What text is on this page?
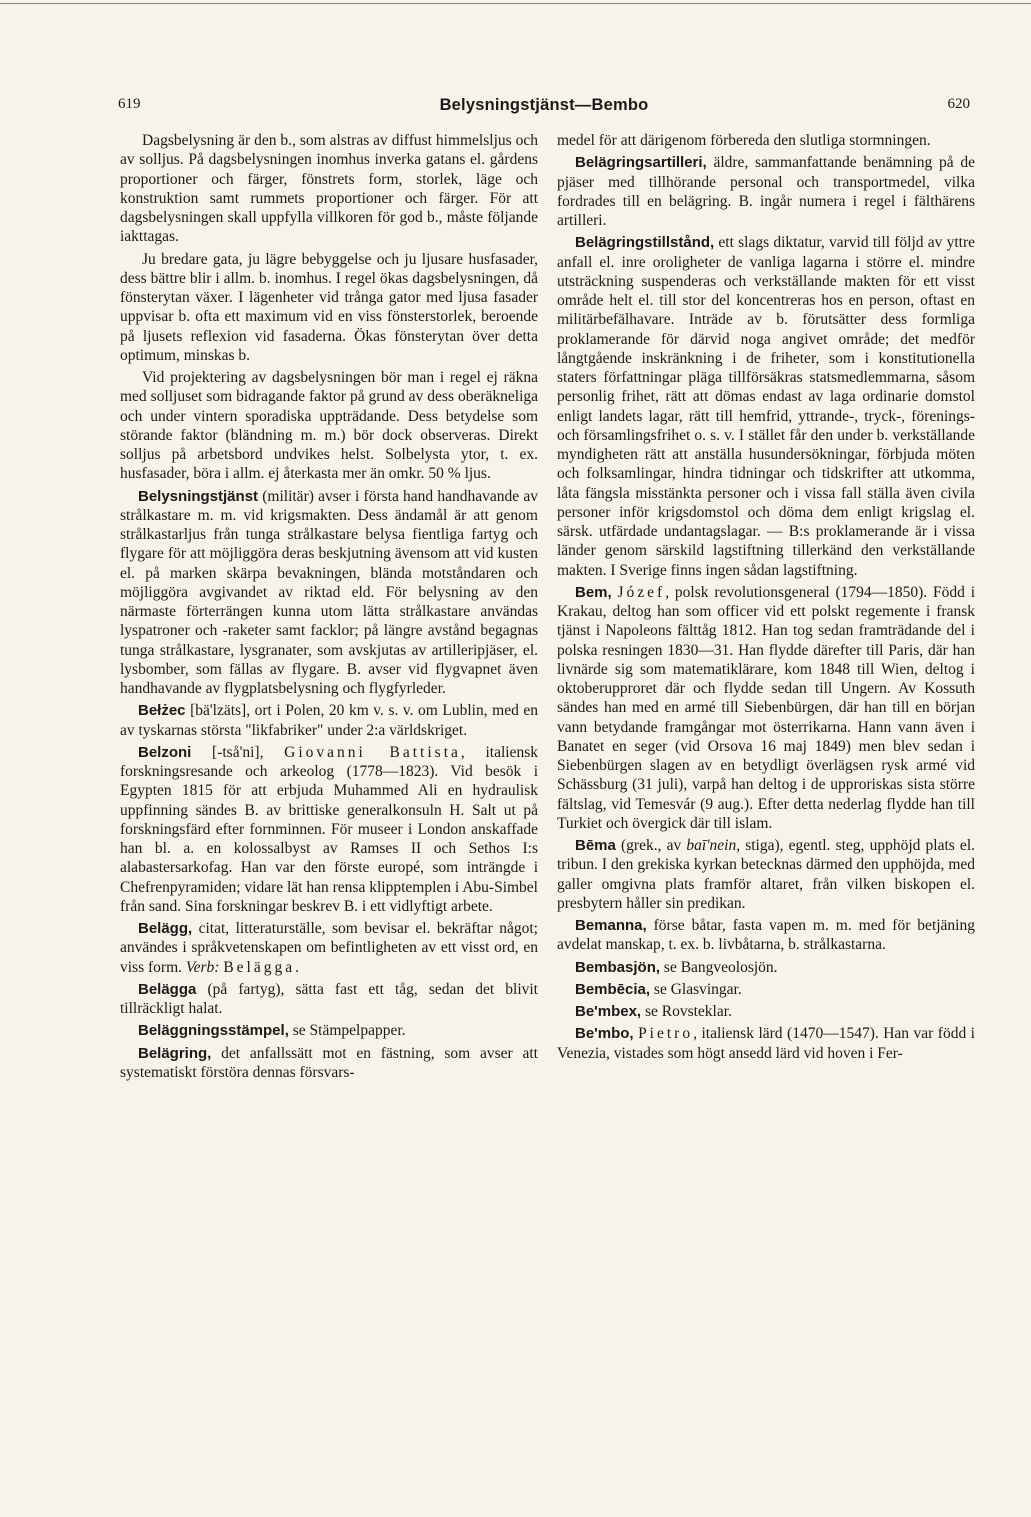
619	Belysningstjänst—Bembo	620

Dagsbelysning är den b., som alstras av diffust himmelsljus och av solljus. På dagsbelysningen inomhus inverka gatans el. gårdens proportioner och färger, fönstrets form, storlek, läge och konstruktion samt rummets proportioner och färger. För att dagsbelysningen skall uppfylla villkoren för god b., måste följande iakttagas.

Ju bredare gata, ju lägre bebyggelse och ju ljusare husfasader, dess bättre blir i allm. b. inomhus. I regel ökas dagsbelysningen, då fönsterytan växer. I lägenheter vid trånga gator med ljusa fasader uppvisar b. ofta ett maximum vid en viss fönsterstorlek, beroende på ljusets reflexion vid fasaderna. Ökas fönsterytan över detta optimum, minskas b.

Vid projektering av dagsbelysningen bör man i regel ej räkna med solljuset som bidragande faktor på grund av dess oberäkneliga och under vintern sporadiska uppträdande. Dess betydelse som störande faktor (bländning m. m.) bör dock observeras. Direkt solljus på arbetsbord undvikes helst. Solbelysta ytor, t. ex. husfasader, böra i allm. ej återkasta mer än omkr. 50 % ljus.

Belysningstjänst (militär) avser i första hand handhavande av strålkastare m. m. vid krigsmakten. Dess ändamål är att genom strålkastarljus från tunga strålkastare belysa fientliga fartyg och flygare för att möjliggöra deras beskjutning ävensom att vid kusten el. på marken skärpa bevakningen, blända motståndaren och möjliggöra avgivandet av riktad eld. För belysning av den närmaste förterrängen kunna utom lätta strålkastare användas lyspatroner och -raketer samt facklor; på längre avstånd begagnas tunga strålkastare, lysgranater, som avskjutas av artilleripjäser, el. lysbomber, som fällas av flygare. B. avser vid flygvapnet även handhavande av flygplatsbelysning och flygfyrleder.

Bełżec [bä'lzäts], ort i Polen, 20 km v. s. v. om Lublin, med en av tyskarnas största "likfabriker" under 2:a världskriget.

Belzoni [-tså'ni], Giovanni Battista, italiensk forskningsresande och arkeolog (1778—1823). Vid besök i Egypten 1815 för att erbjuda Muhammed Ali en hydraulisk uppfinning sändes B. av brittiske generalkonsuln H. Salt ut på forskningsfärd efter fornminnen. För museer i London anskaffade han bl. a. en kolossalbyst av Ramses II och Sethos I:s alabastersarkofag. Han var den förste europé, som inträngde i Chefrenpyramiden; vidare lät han rensa klipptemplen i Abu-Simbel från sand. Sina forskningar beskrev B. i ett vidlyftigt arbete.

Belägg, citat, litteraturställe, som bevisar el. bekräftar något; användes i språkvetenskapen om befintligheten av ett visst ord, en viss form. Verb: Belägga.

Belägga (på fartyg), sätta fast ett tåg, sedan det blivit tillräckligt halat.

Beläggningsstämpel, se Stämpelpapper.

Belägring, det anfallssätt mot en fästning, som avser att systematiskt förstöra dennas försvars-

medel för att därigenom förbereda den slutliga stormningen.

Belägringsartilleri, äldre, sammanfattande benämning på de pjäser med tillhörande personal och transportmedel, vilka fordrades till en belägring. B. ingår numera i regel i fälthärens artilleri.

Belägringstillstånd, ett slags diktatur, varvid till följd av yttre anfall el. inre oroligheter de vanliga lagarna i större el. mindre utsträckning suspenderas och verkställande makten för ett visst område helt el. till stor del koncentreras hos en person, oftast en militärbefälhavare. Inträde av b. förutsätter dess formliga proklamerande för därvid noga angivet område; det medför långtgående inskränkning i de friheter, som i konstitutionella staters författningar pläga tillförsäkras statsmedlemmarna, såsom personlig frihet, rätt att dömas endast av laga ordinarie domstol enligt landets lagar, rätt till hemfrid, yttrande-, tryck-, förenings- och församlingsfrihet o. s. v. I stället får den under b. verkställande myndigheten rätt att anställa husundersökningar, förbjuda möten och folksamlingar, hindra tidningar och tidskrifter att utkomma, låta fängsla misstänkta personer och i vissa fall ställa även civila personer inför krigsdomstol och döma dem enligt krigslag el. särsk. utfärdade undantagslagar. — B:s proklamerande är i vissa länder genom särskild lagstiftning tillerkänd den verkställande makten. I Sverige finns ingen sådan lagstiftning.

Bem, Józef, polsk revolutionsgeneral (1794—1850). Född i Krakau, deltog han som officer vid ett polskt regemente i fransk tjänst i Napoleons fälttåg 1812. Han tog sedan framträdande del i polska resningen 1830—31. Han flydde därefter till Paris, där han livnärde sig som matematiklärare, kom 1848 till Wien, deltog i oktoberupproret där och flydde sedan till Ungern. Av Kossuth sändes han med en armé till Siebenbürgen, där han till en början vann betydande framgångar mot österrikarna. Hann vann även i Banatet en seger (vid Orsova 16 maj 1849) men blev sedan i Siebenbürgen slagen av en betydligt överlägsen rysk armé vid Schässburg (31 juli), varpå han deltog i de upproriskas sista större fältslag, vid Temesvár (9 aug.). Efter detta nederlag flydde han till Turkiet och övergick där till islam.

Bēma (grek., av baī'nein, stiga), egentl. steg, upphöjd plats el. tribun. I den grekiska kyrkan betecknas därmed den upphöjda, med galler omgivna plats framför altaret, från vilken biskopen el. presbytern håller sin predikan.

Bemanna, förse båtar, fasta vapen m. m. med för betjäning avdelat manskap, t. ex. b. livbåtarna, b. strålkastarna.

Bembasjön, se Bangveolosjön.

Bembēcia, se Glasvingar.

Be'mbex, se Rovsteklar.

Be'mbo, Pietro, italiensk lärd (1470—1547). Han var född i Venezia, vistades som högt ansedd lärd vid hoven i Fer-
